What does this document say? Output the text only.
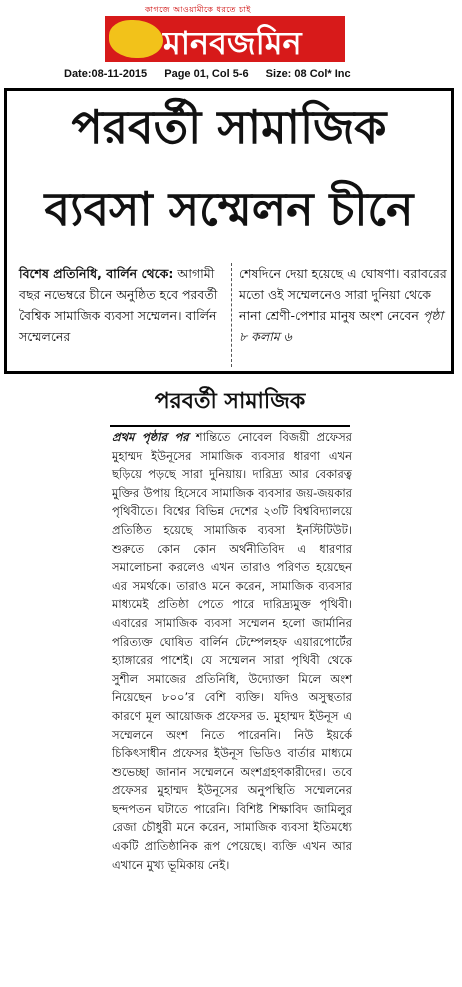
কাগজে আওয়ামীকে ধরতে চাই
মানবজমিন
Date:08-11-2015 Page 01, Col 5-6 Size: 08 Col* Inc
পরবর্তী সামাজিক
ব্যবসা সম্মেলন চীনে

বিশেষ প্রতিনিধি, বার্লিন থেকে: আগামী বছর নভেম্বরে চীনে অনুষ্ঠিত হবে পরবর্তী বৈশ্বিক সামাজিক ব্যবসা সম্মেলন। বার্লিন সম্মেলনের

শেষদিনে দেয়া হয়েছে এ ঘোষণা। বরাবরের মতো ওই সম্মেলনেও সারা দুনিয়া থেকে নানা শ্রেণী-পেশার মানুষ অংশ নেবেন পৃষ্ঠা ৮ কলাম ৬

পরবর্তী সামাজিক
প্রথম পৃষ্ঠার পর শান্তিতে নোবেল বিজয়ী প্রফেসর মুহাম্মদ ইউনূসের সামাজিক ব্যবসার ধারণা এখন ছড়িয়ে পড়ছে সারা দুনিয়ায়। দারিদ্র্য আর বেকারত্ব মুক্তির উপায় হিসেবে সামাজিক ব্যবসার জয়-জয়কার পৃথিবীতে। বিশ্বের বিভিন্ন দেশের ২৩টি বিশ্ববিদ্যালয়ে প্রতিষ্ঠিত হয়েছে সামাজিক ব্যবসা ইনস্টিটিউট। শুরুতে কোন কোন অর্থনীতিবিদ এ ধারণার সমালোচনা করলেও এখন তারাও পরিণত হয়েছেন এর সমর্থকে। তারাও মনে করেন, সামাজিক ব্যবসার মাধ্যমেই প্রতিষ্ঠা পেতে পারে দারিদ্র্যমুক্ত পৃথিবী। এবারের সামাজিক ব্যবসা সম্মেলন হলো জার্মানির পরিত্যক্ত ঘোষিত বার্লিন টেম্পেলহফ এয়ারপোর্টের হ্যাঙ্গারের পাশেই। যে সম্মেলন সারা পৃথিবী থেকে সুশীল সমাজের প্রতিনিধি, উদ্যোক্তা মিলে অংশ নিয়েছেন ৮০০’র বেশি ব্যক্তি। যদিও অসুস্থতার কারণে মূল আয়োজক প্রফেসর ড. মুহাম্মদ ইউনূস এ সম্মেলনে অংশ নিতে পারেননি। নিউ ইয়র্কে চিকিৎসাধীন প্রফেসর ইউনূস ভিডিও বার্তার মাধ্যমে শুভেচ্ছা জানান সম্মেলনে অংশগ্রহণকারীদের। তবে প্রফেসর মুহাম্মদ ইউনূসের অনুপস্থিতি সম্মেলনের ছন্দপতন ঘটাতে পারেনি। বিশিষ্ট শিক্ষাবিদ জামিলুর রেজা চৌধুরী মনে করেন, সামাজিক ব্যবসা ইতিমধ্যে একটি প্রাতিষ্ঠানিক রূপ পেয়েছে। ব্যক্তি এখন আর এখানে মুখ্য ভূমিকায় নেই।
